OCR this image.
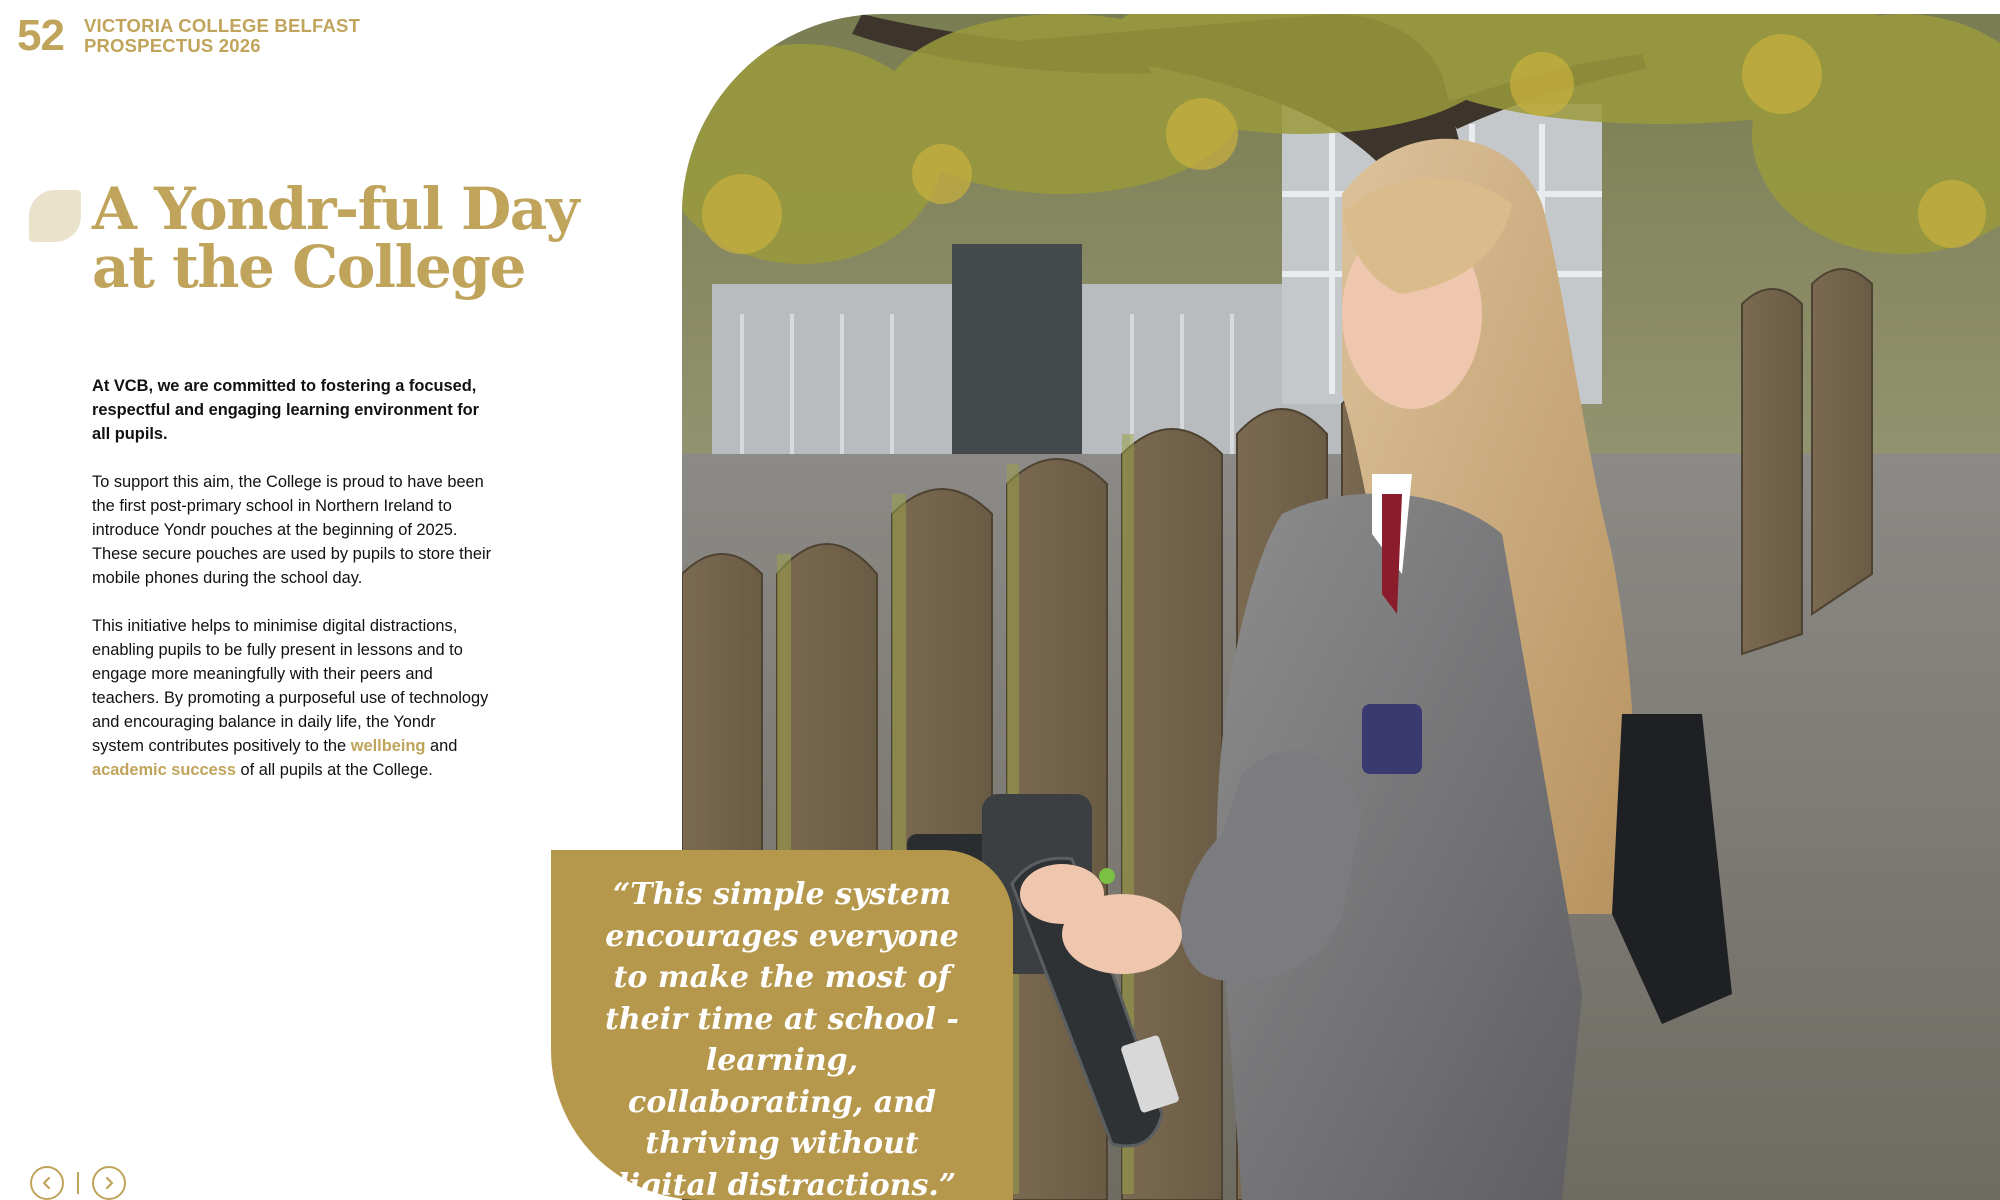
52 VICTORIA COLLEGE BELFAST
PROSPECTUS 2026
A Yondr-ful Day
at the College

At VCB, we are committed to fostering a focused, respectful and engaging learning environment for all pupils.

To support this aim, the College is proud to have been the first post-primary school in Northern Ireland to introduce Yondr pouches at the beginning of 2025. These secure pouches are used by pupils to store their mobile phones during the school day.

This initiative helps to minimise digital distractions, enabling pupils to be fully present in lessons and to engage more meaningfully with their peers and teachers. By promoting a purposeful use of technology and encouraging balance in daily life, the Yondr system contributes positively to the wellbeing and academic success of all pupils at the College.

“This simple system encourages everyone to make the most of their time at school - learning, collaborating, and thriving without digital distractions.”
